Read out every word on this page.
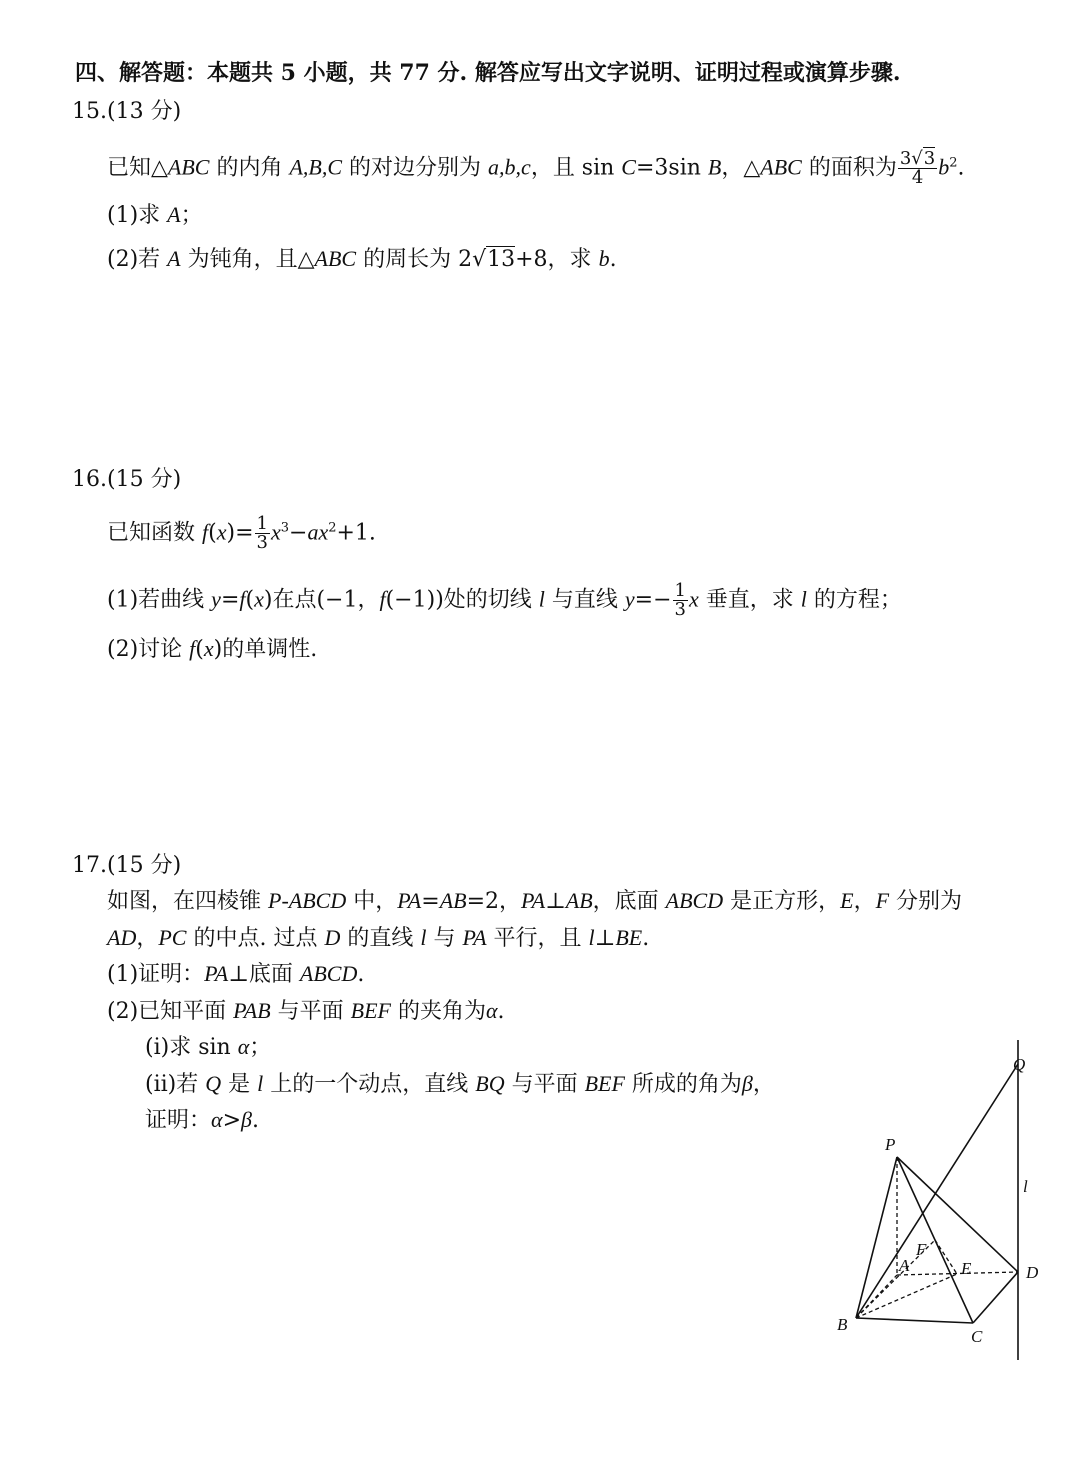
四、解答题：本题共 5 小题，共 77 分. 解答应写出文字说明、证明过程或演算步骤.
15.(13 分)
已知△ABC 的内角 A,B,C 的对边分别为 a,b,c，且 sin C=3sin B，△ABC 的面积为 $\frac{3√3}{4} b^2$.
(1)求 A；
(2)若 A 为钝角，且△ABC 的周长为 2√13+8，求 b.
16.(15 分)
已知函数 $f(x)= \frac{1}{3} x^3-ax^2+1$.
(1)若曲线 y=f(x)在点(−1，f(−1))处的切线 l 与直线 $y=- \frac{1}{3}$ x 垂直，求 l 的方程；
(2)讨论 f(x)的单调性.
17.(15 分)
如图，在四棱锥 P-ABCD 中，PA=AB=2，PA⊥AB，底面 ABCD 是正方形，E，F 分别为
AD，PC 的中点. 过点 D 的直线 l 与 PA 平行，且 l⊥BE.
(1)证明：PA⊥底面 ABCD.
(2)已知平面 PAB 与平面 BEF 的夹角为α.
(ⅰ)求 sin α；
(ⅱ)若 Q 是 l 上的一个动点，直线 BQ 与平面 BEF 所成的角为β，
证明：α>β.
Q
P
l
F
A	E	D
B
C
